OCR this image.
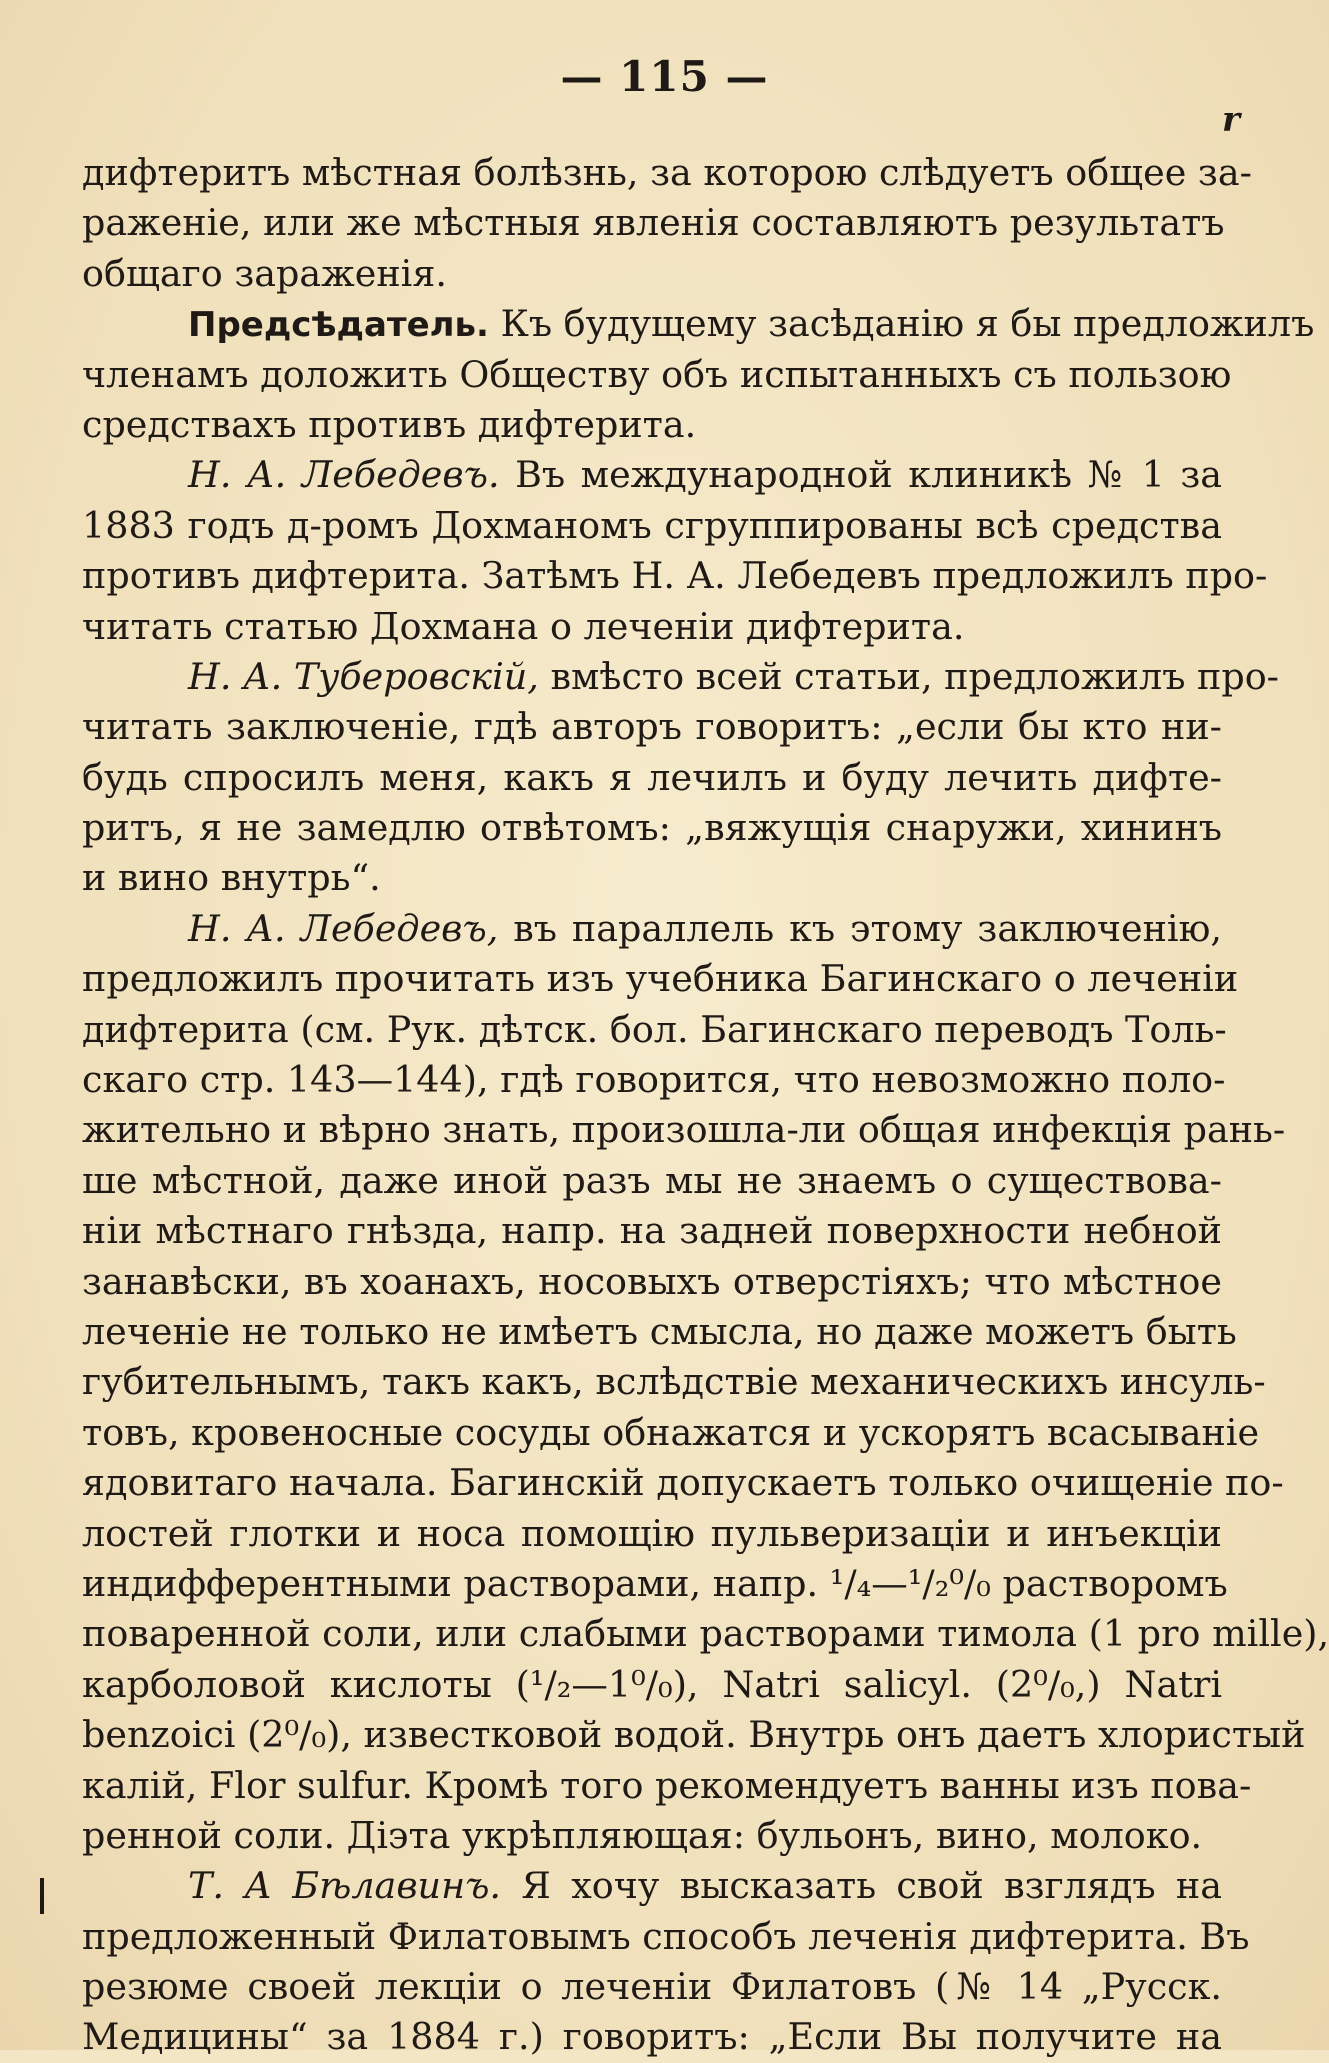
— 115 —
r
дифтеритъ мѣстная болѣзнь, за которою слѣдуетъ общее за-
раженіе, или же мѣстныя явленія составляютъ результатъ
общаго зараженія.
Предсѣдатель. Къ будущему засѣданію я бы предложилъ
членамъ доложить Обществу объ испытанныхъ съ пользою
средствахъ противъ дифтерита.
Н. А. Лебедевъ. Въ международной клиникѣ № 1 за
1883 годъ д-ромъ Дохманомъ сгруппированы всѣ средства
противъ дифтерита. Затѣмъ Н. А. Лебедевъ предложилъ про-
читать статью Дохмана о леченіи дифтерита.
Н. А. Туберовскій, вмѣсто всей статьи, предложилъ про-
читать заключеніе, гдѣ авторъ говоритъ: „если бы кто ни-
будь спросилъ меня, какъ я лечилъ и буду лечить дифте-
ритъ, я не замедлю отвѣтомъ: „вяжущія снаружи, хининъ
и вино внутрь“.
Н. А. Лебедевъ, въ параллель къ этому заключенію,
предложилъ прочитать изъ учебника Багинскаго о леченіи
дифтерита (см. Рук. дѣтск. бол. Багинскаго переводъ Толь-
скаго стр. 143—144), гдѣ говорится, что невозможно поло-
жительно и вѣрно знать, произошла-ли общая инфекція рань-
ше мѣстной, даже иной разъ мы не знаемъ о существова-
ніи мѣстнаго гнѣзда, напр. на задней поверхности небной
занавѣски, въ хоанахъ, носовыхъ отверстіяхъ; что мѣстное
леченіе не только не имѣетъ смысла, но даже можетъ быть
губительнымъ, такъ какъ, вслѣдствіе механическихъ инсуль-
товъ, кровеносные сосуды обнажатся и ускорятъ всасываніе
ядовитаго начала. Багинскій допускаетъ только очищеніе по-
лостей глотки и носа помощію пульверизаціи и инъекціи
индифферентными растворами, напр. ¹/₄—¹/₂⁰/₀ растворомъ
поваренной соли, или слабыми растворами тимола (1 pro mille),
карболовой кислоты (¹/₂—1⁰/₀), Natri salicyl. (2⁰/₀,) Natri
benzoici (2⁰/₀), известковой водой. Внутрь онъ даетъ хлористый
калій, Flor sulfur. Кромѣ того рекомендуетъ ванны изъ пова-
ренной соли. Діэта укрѣпляющая: бульонъ, вино, молоко.
Т. А Бѣлавинъ. Я хочу высказать свой взглядъ на
предложенный Филатовымъ способъ леченія дифтерита. Въ
резюме своей лекціи о леченіи Филатовъ (№ 14 „Русск.
Медицины“ за 1884 г.) говоритъ: „Если Вы получите на
